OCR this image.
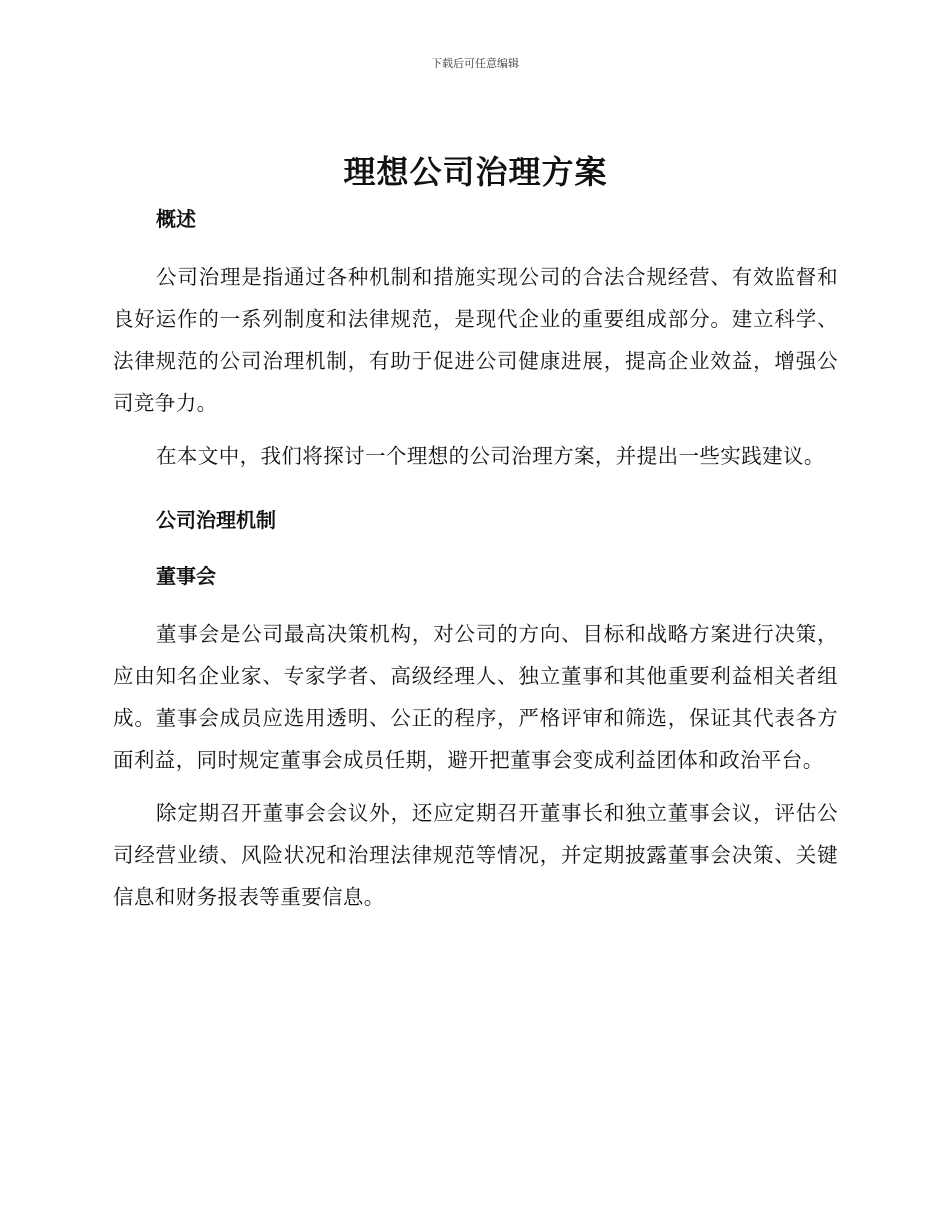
下载后可任意编辑
理想公司治理方案
概述

公司治理是指通过各种机制和措施实现公司的合法合规经营、有效监督和良好运作的一系列制度和法律规范，是现代企业的重要组成部分。建立科学、法律规范的公司治理机制，有助于促进公司健康进展，提高企业效益，增强公司竞争力。

在本文中，我们将探讨一个理想的公司治理方案，并提出一些实践建议。

公司治理机制
董事会

董事会是公司最高决策机构，对公司的方向、目标和战略方案进行决策，应由知名企业家、专家学者、高级经理人、独立董事和其他重要利益相关者组成。董事会成员应选用透明、公正的程序，严格评审和筛选，保证其代表各方面利益，同时规定董事会成员任期，避开把董事会变成利益团体和政治平台。

除定期召开董事会会议外，还应定期召开董事长和独立董事会议，评估公司经营业绩、风险状况和治理法律规范等情况，并定期披露董事会决策、关键信息和财务报表等重要信息。
